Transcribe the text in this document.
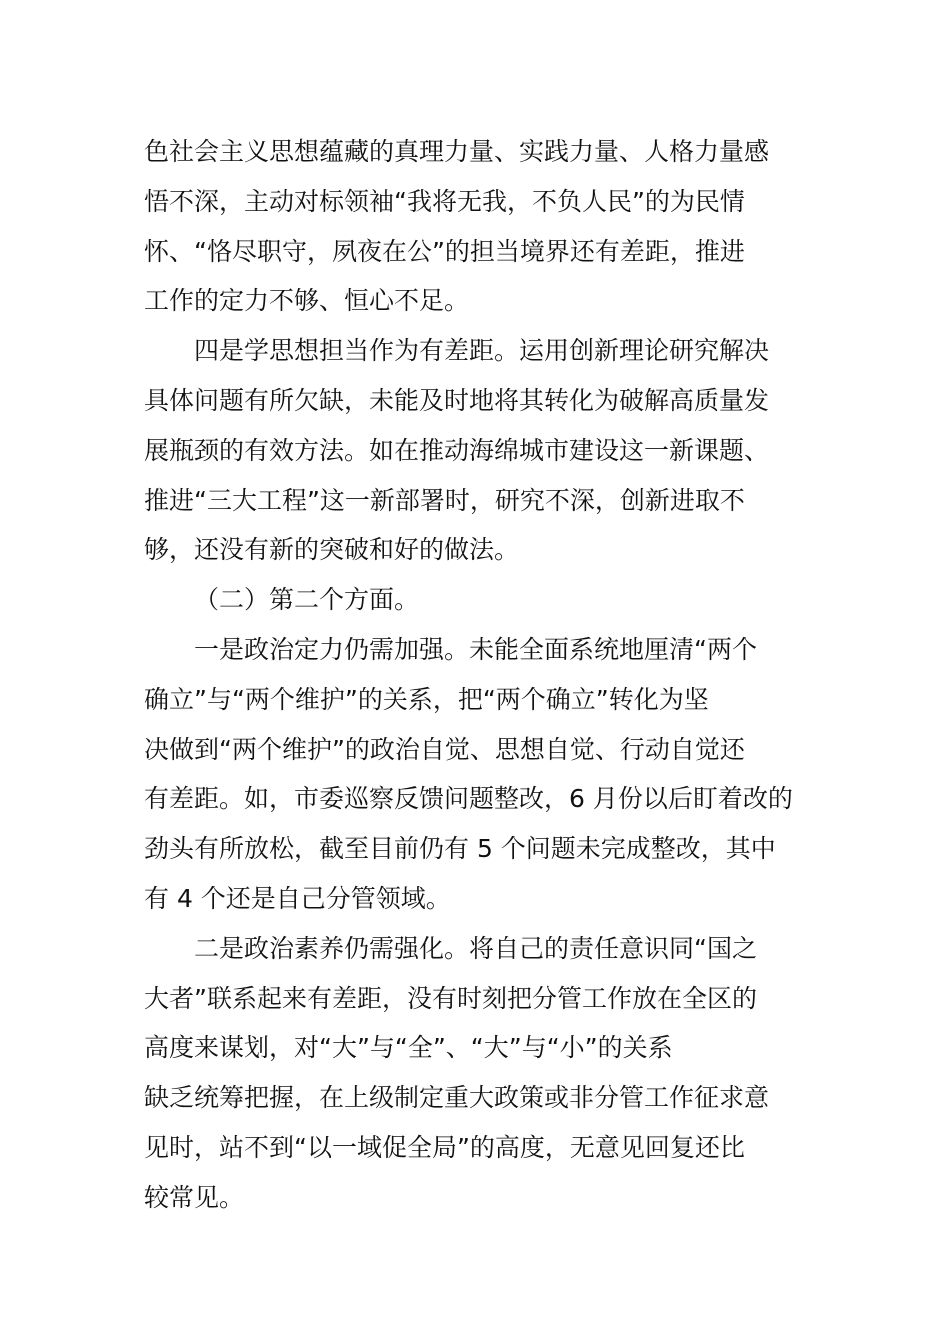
色社会主义思想蕴藏的真理力量、实践力量、人格力量感
悟不深，主动对标领袖“我将无我，不负人民”的为民情
怀、“恪尽职守，夙夜在公”的担当境界还有差距，推进
工作的定力不够、恒心不足。
四是学思想担当作为有差距。运用创新理论研究解决
具体问题有所欠缺，未能及时地将其转化为破解高质量发
展瓶颈的有效方法。如在推动海绵城市建设这一新课题、
推进“三大工程”这一新部署时，研究不深，创新进取不
够，还没有新的突破和好的做法。
（二）第二个方面。
一是政治定力仍需加强。未能全面系统地厘清“两个
确立”与“两个维护”的关系，把“两个确立”转化为坚
决做到“两个维护”的政治自觉、思想自觉、行动自觉还
有差距。如，市委巡察反馈问题整改，6 月份以后盯着改的
劲头有所放松，截至目前仍有 5 个问题未完成整改，其中
有 4 个还是自己分管领域。
二是政治素养仍需强化。将自己的责任意识同“国之
大者”联系起来有差距，没有时刻把分管工作放在全区的
高度来谋划，对“大”与“全”、“大”与“小”的关系
缺乏统筹把握，在上级制定重大政策或非分管工作征求意
见时，站不到“以一域促全局”的高度，无意见回复还比
较常见。
